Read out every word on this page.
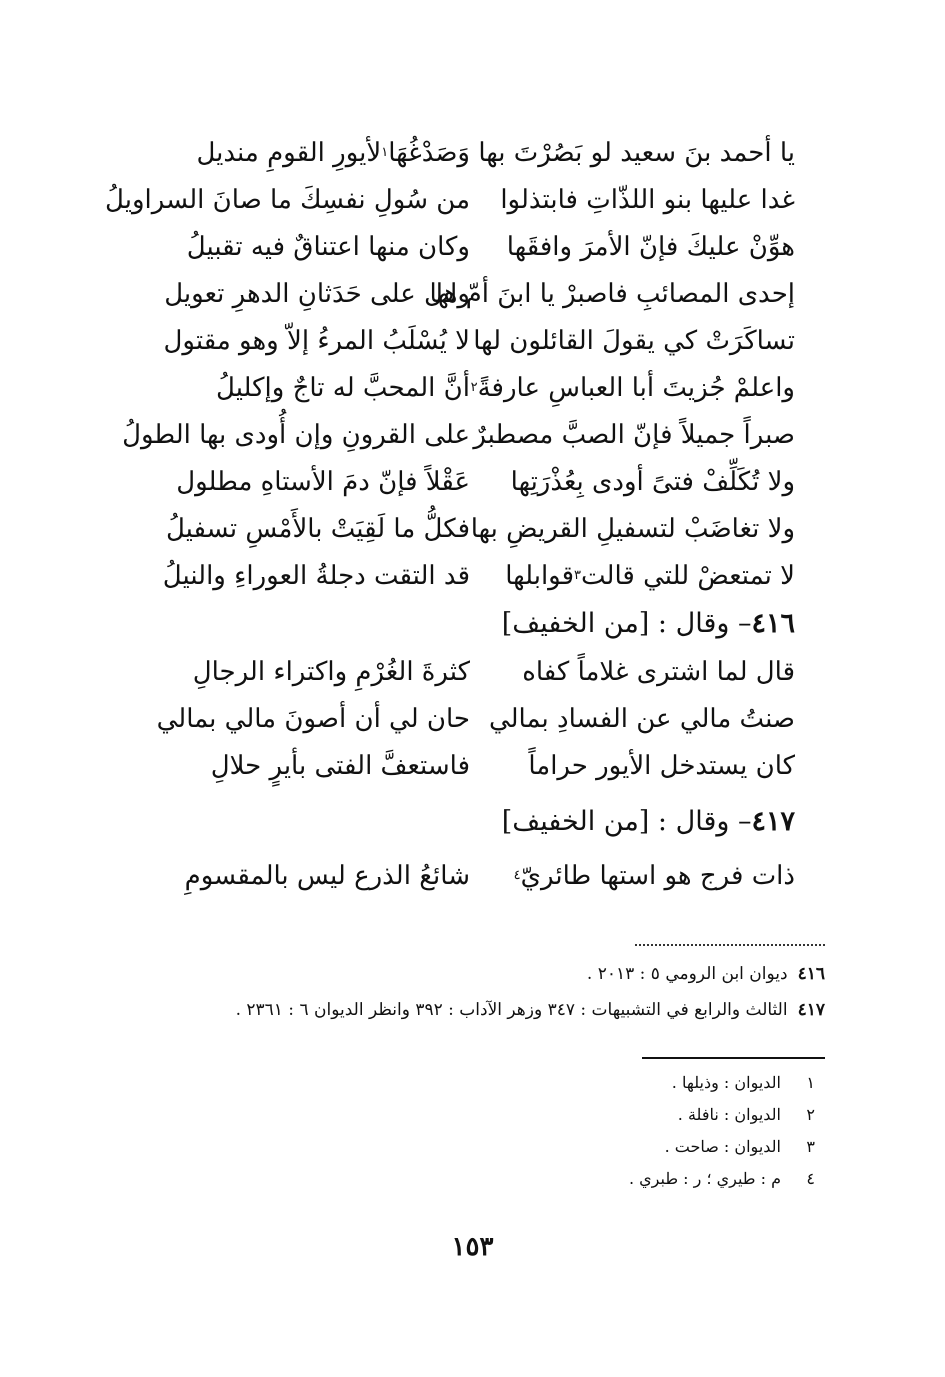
يا أحمد بنَ سعيد لو بَصُرْتَ بها
وَصَدْغُهَا
١
لأيورِ القومِ منديل
غدا عليها بنو اللذّاتِ فابتذلوا
من سُولِ نفسِكَ ما صانَ السراويلُ
هوِّنْ عليكَ فإنّ الأمرَ وافقَها
وكان منها اعتناقٌ فيه تقبيلُ
إحدى المصائبِ فاصبرْ يا ابنَ أمّ لها
وهل على حَدَثانِ الدهرِ تعويل
تساكَرَتْ كي يقولَ القائلون لها
لا يُسْلَبُ المرءُ إلاّ وهو مقتول
واعلمْ جُزيتَ أبا العباسِ عارفةً
٢
أنَّ المحبَّ له تاجٌ وإكليلُ
صبراً جميلاً فإنّ الصبَّ مصطبرٌ
على القرونِ وإن أُودى بها الطولُ
ولا تُكَلِّفْ فتىً أودى بِعُذْرَتِها
عَقْلاً فإنّ دمَ الأستاهِ مطلول
ولا تغاضَبْ لتسفيلِ القريضِ بها
فكلُّ ما لَقِيَتْ بالأَمْسِ تسفيلُ
لا تمتعضْ للتي قالت
٣
قوابلها
قد التقت دجلةُ العوراءِ والنيلُ
٤١٦
– وقال : [من الخفيف]
قال لما اشترى غلاماً كفاه
كثرةَ الغُرْمِ واكتراء الرجالِ
صنتُ مالي عن الفسادِ بمالي
حان لي أن أصونَ مالي بمالي
كان يستدخل الأيور حراماً
فاستعفَّ الفتى بأيرٍ حلالِ
٤١٧
– وقال : [من الخفيف]
ذات فرج هو استها طائريّ
٤
شائعُ الذرع ليس بالمقسومِ
٤١٦ديوان ابن الرومي ٥ : ٢٠١٣ .
٤١٧الثالث والرابع في التشبيهات : ٣٤٧ وزهر الآداب : ٣٩٢ وانظر الديوان ٦ : ٢٣٦١ .
١الديوان : وذيلها .
٢الديوان : نافلة .
٣الديوان : صاحت .
٤م : طيري ؛ ر : طبري .
١٥٣
